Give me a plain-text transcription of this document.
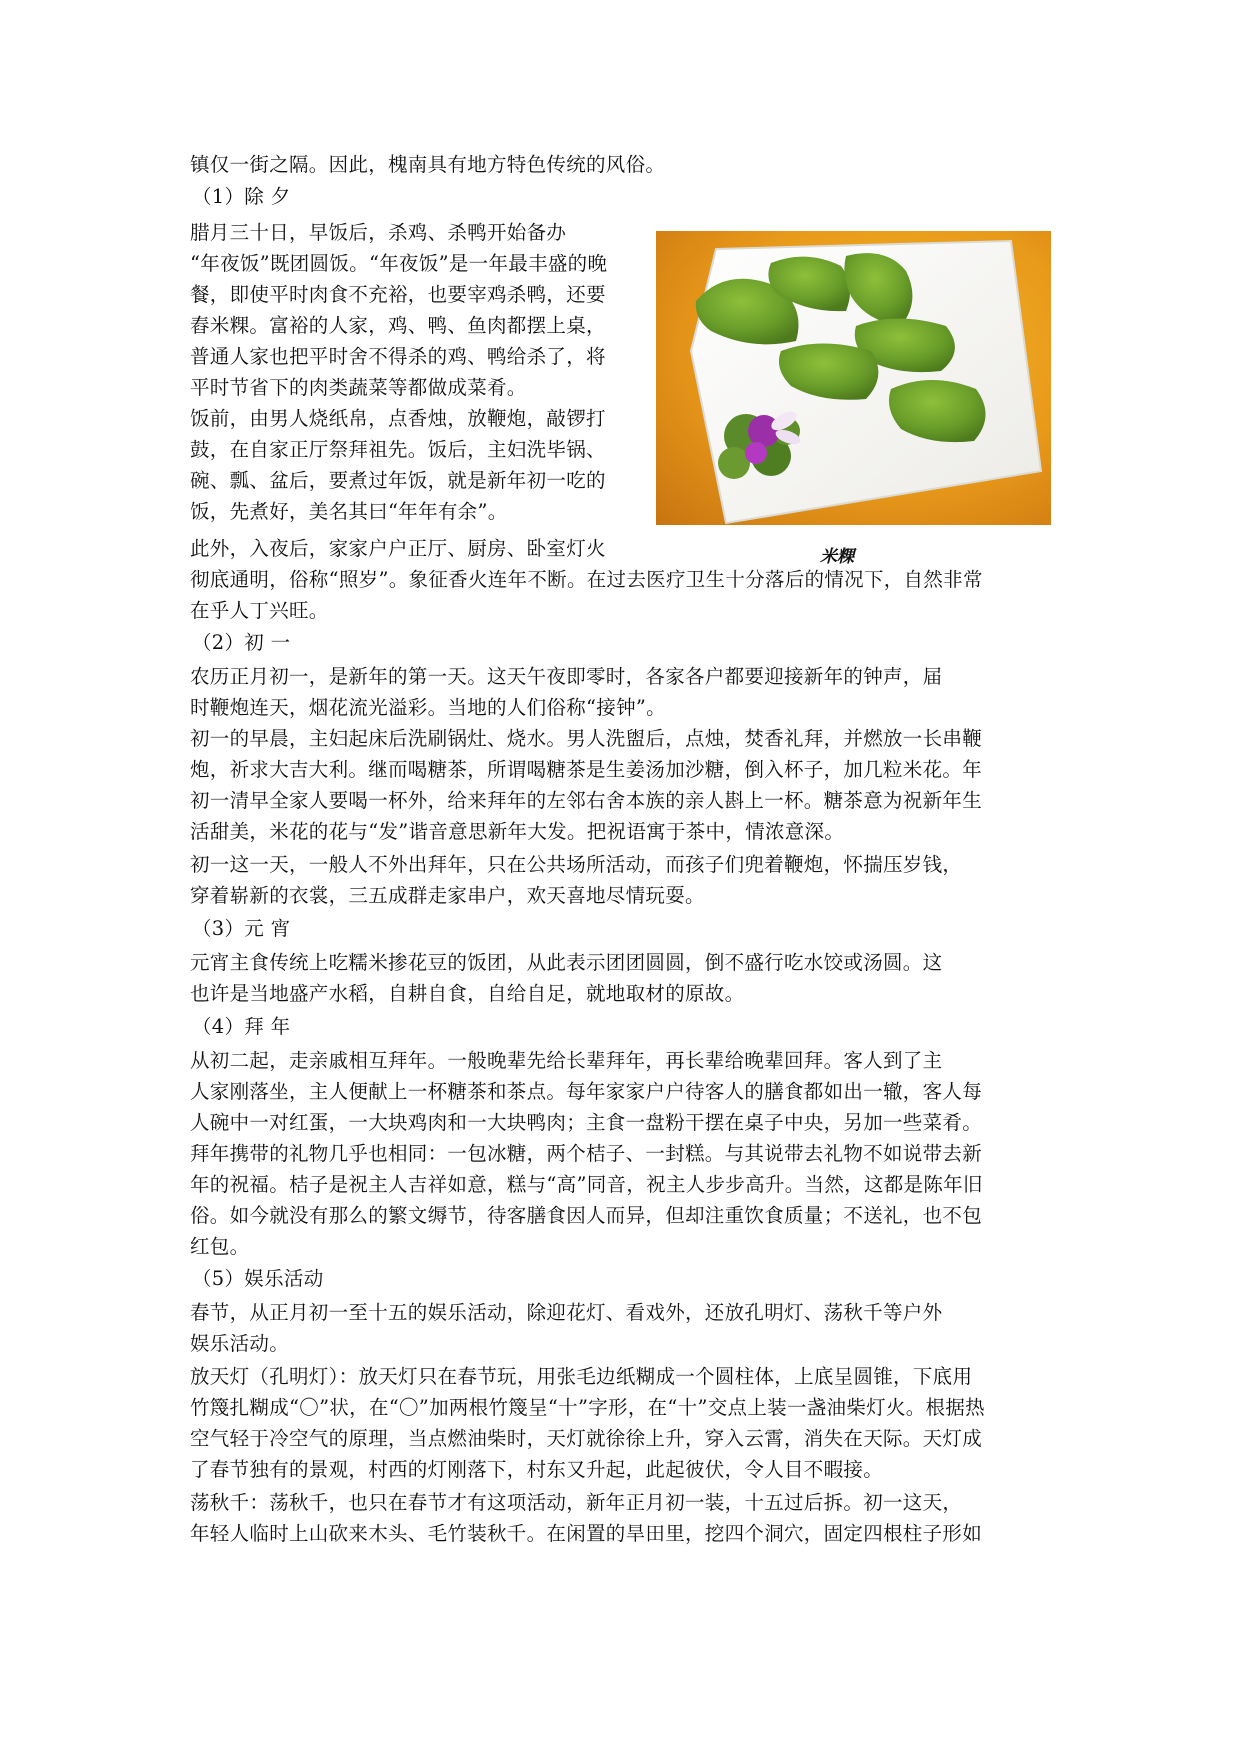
镇仅一街之隔。因此，槐南具有地方特色传统的风俗。
（1）除 夕
腊月三十日，早饭后，杀鸡、杀鸭开始备办
“年夜饭”既团圆饭。“年夜饭”是一年最丰盛的晚
餐，即使平时肉食不充裕，也要宰鸡杀鸭，还要
舂米粿。富裕的人家，鸡、鸭、鱼肉都摆上桌，
普通人家也把平时舍不得杀的鸡、鸭给杀了，将
平时节省下的肉类蔬菜等都做成菜肴。
饭前，由男人烧纸帛，点香烛，放鞭炮，敲锣打
鼓，在自家正厅祭拜祖先。饭后，主妇洗毕锅、
碗、瓢、盆后，要煮过年饭，就是新年初一吃的
饭，先煮好，美名其曰“年年有余”。
此外，入夜后，家家户户正厅、厨房、卧室灯火
彻底通明，俗称“照岁”。象征香火连年不断。在过去医疗卫生十分落后的情况下，自然非常
在乎人丁兴旺。
（2）初 一
农历正月初一，是新年的第一天。这天午夜即零时，各家各户都要迎接新年的钟声，届
时鞭炮连天，烟花流光溢彩。当地的人们俗称“接钟”。
初一的早晨，主妇起床后洗刷锅灶、烧水。男人洗盥后，点烛，焚香礼拜，并燃放一长串鞭
炮，祈求大吉大利。继而喝糖茶，所谓喝糖茶是生姜汤加沙糖，倒入杯子，加几粒米花。年
初一清早全家人要喝一杯外，给来拜年的左邻右舍本族的亲人斟上一杯。糖茶意为祝新年生
活甜美，米花的花与“发”谐音意思新年大发。把祝语寓于茶中，情浓意深。
初一这一天，一般人不外出拜年，只在公共场所活动，而孩子们兜着鞭炮，怀揣压岁钱，
穿着崭新的衣裳，三五成群走家串户，欢天喜地尽情玩耍。
（3）元 宵
元宵主食传统上吃糯米掺花豆的饭团，从此表示团团圆圆，倒不盛行吃水饺或汤圆。这
也许是当地盛产水稻，自耕自食，自给自足，就地取材的原故。
（4）拜 年
从初二起，走亲戚相互拜年。一般晚辈先给长辈拜年，再长辈给晚辈回拜。客人到了主
人家刚落坐，主人便献上一杯糖茶和茶点。每年家家户户待客人的膳食都如出一辙，客人每
人碗中一对红蛋，一大块鸡肉和一大块鸭肉；主食一盘粉干摆在桌子中央，另加一些菜肴。
拜年携带的礼物几乎也相同：一包冰糖，两个桔子、一封糕。与其说带去礼物不如说带去新
年的祝福。桔子是祝主人吉祥如意，糕与“高”同音，祝主人步步高升。当然，这都是陈年旧
俗。如今就没有那么的繁文缛节，待客膳食因人而异，但却注重饮食质量；不送礼，也不包
红包。
（5）娱乐活动
春节，从正月初一至十五的娱乐活动，除迎花灯、看戏外，还放孔明灯、荡秋千等户外
娱乐活动。
放天灯（孔明灯）：放天灯只在春节玩，用张毛边纸糊成一个圆柱体，上底呈圆锥，下底用
竹篾扎糊成“〇”状，在“〇”加两根竹篾呈“十”字形，在“十”交点上装一盏油柴灯火。根据热
空气轻于冷空气的原理，当点燃油柴时，天灯就徐徐上升，穿入云霄，消失在天际。天灯成
了春节独有的景观，村西的灯刚落下，村东又升起，此起彼伏，令人目不暇接。
荡秋千：荡秋千，也只在春节才有这项活动，新年正月初一装，十五过后拆。初一这天，
年轻人临时上山砍来木头、毛竹装秋千。在闲置的旱田里，挖四个洞穴，固定四根柱子形如
米粿
